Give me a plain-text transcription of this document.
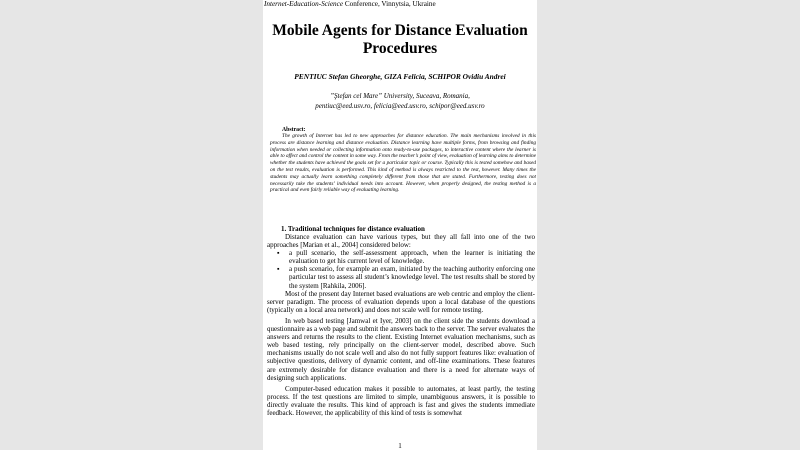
Internet-Education-Science Conference, Vinnytsia, Ukraine
Mobile Agents for Distance Evaluation Procedures
PENTIUC Stefan Gheorghe, GIZA Felicia, SCHIPOR Ovidiu Andrei
”Ştefan cel Mare” University, Suceava, Romania,
pentiuc@eed.usv.ro, felicia@eed.usv.ro, schipor@eed.usv.ro
Abstract:
The growth of Internet has led to new approaches for distance education. The main mechanisms involved in this process are distance learning and distance evaluation. Distance learning have multiple forms, from browsing and finding information when needed or collecting information onto ready-to-use packages, to interactive content where the learner is able to affect and control the content in some way. From the teacher’s point of view, evaluation of learning aims to determine whether the students have achieved the goals set for a particular topic or course. Typically this is tested somehow and based on the test results, evaluation is performed. This kind of method is always restricted to the test, however. Many times the students may actually learn something completely different from those that are stated. Furthermore, testing does not necessarily take the students’ individual needs into account. However, when properly designed, the testing method is a practical and even fairly reliable way of evaluating learning.
1. Traditional techniques for distance evaluation

Distance evaluation can have various types, but they all fall into one of the two approaches [Marian et al., 2004] considered below:

▪ a pull scenario, the self-assessment approach, when the learner is initiating the evaluation to get his current level of knowledge.
▪ a push scenario, for example an exam, initiated by the teaching authority enforcing one particular test to assess all student’s knowledge level. The test results shall be stored by the system [Rahkila, 2006].

Most of the present day Internet based evaluations are web centric and employ the client-server paradigm. The process of evaluation depends upon a local database of the questions (typically on a local area network) and does not scale well for remote testing.

In web based testing [Jamwal et Iyer, 2003] on the client side the students download a questionnaire as a web page and submit the answers back to the server. The server evaluates the answers and returns the results to the client. Existing Internet evaluation mechanisms, such as web based testing, rely principally on the client-server model, described above. Such mechanisms usually do not scale well and also do not fully support features like: evaluation of subjective questions, delivery of dynamic content, and off-line examinations. These features are extremely desirable for distance evaluation and there is a need for alternate ways of designing such applications.

Computer-based education makes it possible to automates, at least partly, the testing process. If the test questions are limited to simple, unambiguous answers, it is possible to directly evaluate the results. This kind of approach is fast and gives the students immediate feedback. However, the applicability of this kind of tests is somewhat

1
